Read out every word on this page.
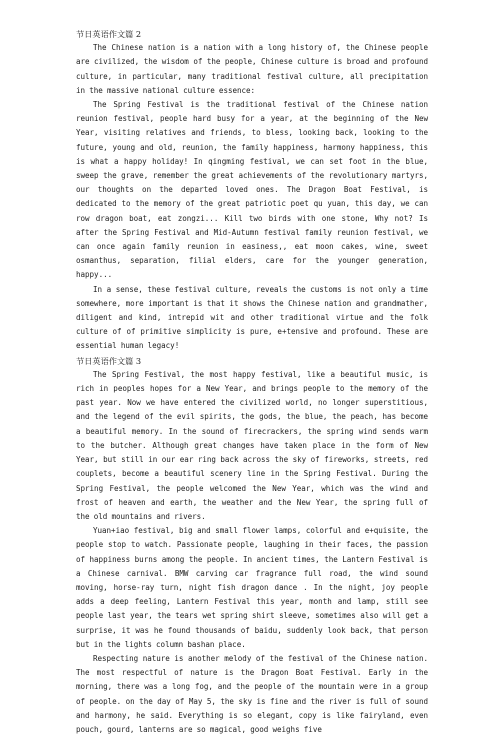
节日英语作文篇 2

The Chinese nation is a nation with a long history of, the Chinese people are civilized, the wisdom of the people, Chinese culture is broad and profound culture, in particular, many traditional festival culture, all precipitation in the massive national culture essence:

The Spring Festival is the traditional festival of the Chinese nation reunion festival, people hard busy for a year, at the beginning of the New Year, visiting relatives and friends, to bless, looking back, looking to the future, young and old, reunion, the family happiness, harmony happiness, this is what a happy holiday! In qingming festival, we can set foot in the blue, sweep the grave, remember the great achievements of the revolutionary martyrs, our thoughts on the departed loved ones. The Dragon Boat Festival, is dedicated to the memory of the great patriotic poet qu yuan, this day, we can row dragon boat, eat zongzi... Kill two birds with one stone, Why not? Is after the Spring Festival and Mid-Autumn festival family reunion festival, we can once again family reunion in easiness,, eat moon cakes, wine, sweet osmanthus, separation, filial elders, care for the younger generation, happy...

In a sense, these festival culture, reveals the customs is not only a time somewhere, more important is that it shows the Chinese nation and grandmather, diligent and kind, intrepid wit and other traditional virtue and the folk culture of of primitive simplicity is pure, e+tensive and profound. These are essential human legacy!

节日英语作文篇 3

The Spring Festival, the most happy festival, like a beautiful music, is rich in peoples hopes for a New Year, and brings people to the memory of the past year. Now we have entered the civilized world, no longer superstitious, and the legend of the evil spirits, the gods, the blue, the peach, has become a beautiful memory. In the sound of firecrackers, the spring wind sends warm to the butcher. Although great changes have taken place in the form of New Year, but still in our ear ring back across the sky of fireworks, streets, red couplets, become a beautiful scenery line in the Spring Festival. During the Spring Festival, the people welcomed the New Year, which was the wind and frost of heaven and earth, the weather and the New Year, the spring full of the old mountains and rivers.

Yuan+iao festival, big and small flower lamps, colorful and e+quisite, the people stop to watch. Passionate people, laughing in their faces, the passion of happiness burns among the people. In ancient times, the Lantern Festival is a Chinese carnival. BMW carving car fragrance full road, the wind sound moving, horse-ray turn, night fish dragon dance . In the night, joy people adds a deep feeling, Lantern Festival this year, month and lamp, still see people last year, the tears wet spring shirt sleeve, sometimes also will get a surprise, it was he found thousands of baidu, suddenly look back, that person but in the lights column bashan place.

Respecting nature is another melody of the festival of the Chinese nation. The most respectful of nature is the Dragon Boat Festival. Early in the morning, there was a long fog, and the people of the mountain were in a group of people. on the day of May 5, the sky is fine and the river is full of sound and harmony, he said. Everything is so elegant, copy is like fairyland, even pouch, gourd, lanterns are so magical, good weighs five
